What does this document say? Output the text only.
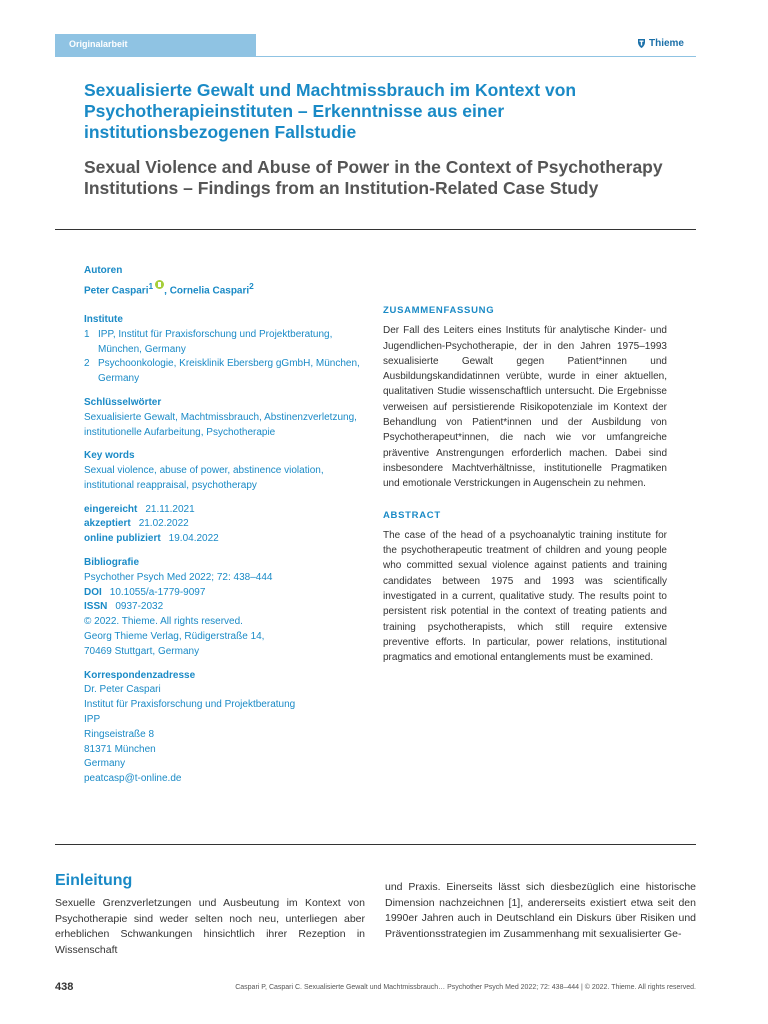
Originalarbeit	Thieme
Sexualisierte Gewalt und Machtmissbrauch im Kontext von Psychotherapieinstituten – Erkenntnisse aus einer institutionsbezogenen Fallstudie
Sexual Violence and Abuse of Power in the Context of Psychotherapy Institutions – Findings from an Institution-Related Case Study
Autoren
Peter Caspari$^1$ , Cornelia Caspari$^2$
Institute
1 IPP, Institut für Praxisforschung und Projektberatung, München, Germany
2 Psychoonkologie, Kreisklinik Ebersberg gGmbH, München, Germany
Schlüsselwörter
Sexualisierte Gewalt, Machtmissbrauch, Abstinenzverletzung, institutionelle Aufarbeitung, Psychotherapie
Key words
Sexual violence, abuse of power, abstinence violation, institutional reappraisal, psychotherapy
eingereicht 21.11.2021
akzeptiert 21.02.2022
online publiziert 19.04.2022
Bibliografie
Psychother Psych Med 2022; 72: 438–444
DOI 10.1055/a-1779-9097
ISSN 0937-2032
© 2022. Thieme. All rights reserved.
Georg Thieme Verlag, Rüdigerstraße 14,
70469 Stuttgart, Germany
Korrespondenzadresse
Dr. Peter Caspari
Institut für Praxisforschung und Projektberatung
IPP
Ringseistraße 8
81371 München
Germany
peatcasp@t-online.de
ZUSAMMENFASSUNG

Der Fall des Leiters eines Instituts für analytische Kinder- und Jugendlichen-Psychotherapie, der in den Jahren 1975–1993 sexualisierte Gewalt gegen Patient*innen und Ausbildungskandidatinnen verübte, wurde in einer aktuellen, qualitativen Studie wissenschaftlich untersucht. Die Ergebnisse verweisen auf persistierende Risikopotenziale im Kontext der Behandlung von Patient*innen und der Ausbildung von Psychotherapeut*innen, die nach wie vor umfangreiche präventive Anstrengungen erforderlich machen. Dabei sind insbesondere Machtverhältnisse, institutionelle Pragmatiken und emotionale Verstrickungen in Augenschein zu nehmen.

ABSTRACT

The case of the head of a psychoanalytic training institute for the psychotherapeutic treatment of children and young people who committed sexual violence against patients and training candidates between 1975 and 1993 was scientifically investigated in a current, qualitative study. The results point to persistent risk potential in the context of treating patients and training psychotherapists, which still require extensive preventive efforts. In particular, power relations, institutional pragmatics and emotional entanglements must be examined.

Einleitung

Sexuelle Grenzverletzungen und Ausbeutung im Kontext von Psychotherapie sind weder selten noch neu, unterliegen aber erheblichen Schwankungen hinsichtlich ihrer Rezeption in Wissenschaft

und Praxis. Einerseits lässt sich diesbezüglich eine historische Dimension nachzeichnen [1], andererseits existiert etwa seit den 1990er Jahren auch in Deutschland ein Diskurs über Risiken und Präventionsstrategien im Zusammenhang mit sexualisierter Ge-

438	Caspari P, Caspari C. Sexualisierte Gewalt und Machtmissbrauch… Psychother Psych Med 2022; 72: 438–444 | © 2022. Thieme. All rights reserved.
